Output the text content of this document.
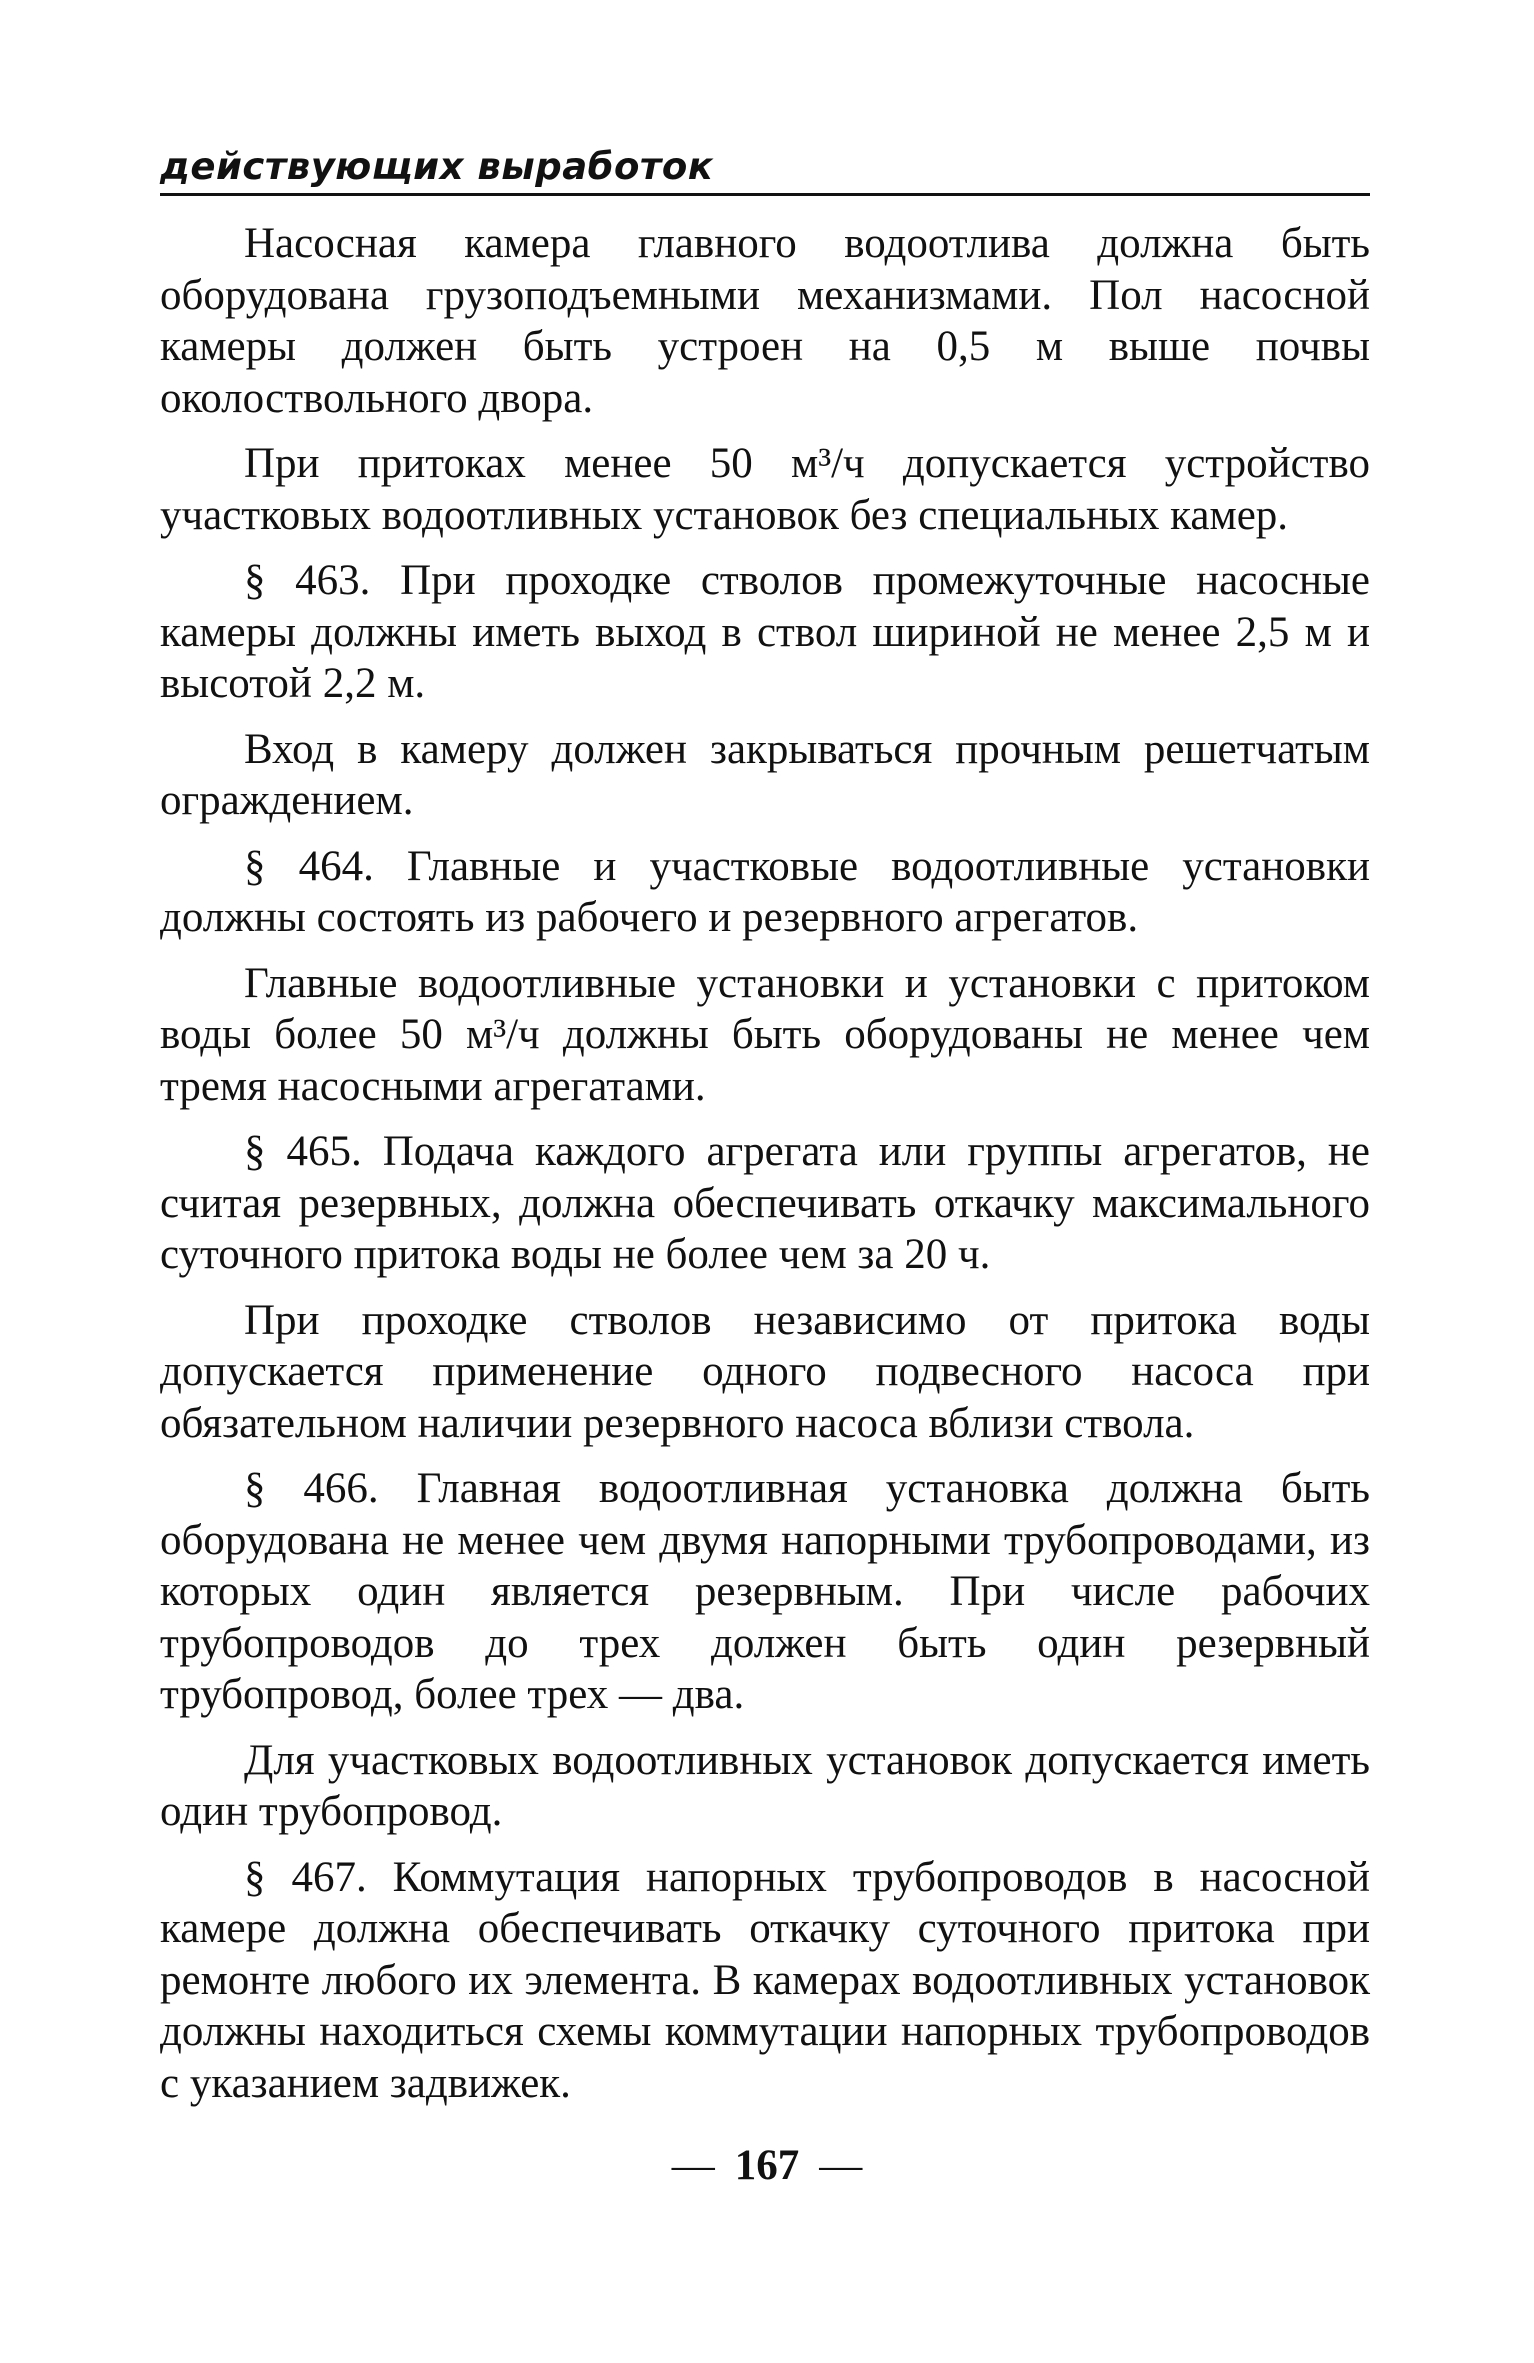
действующих выработок

Насосная камера главного водоотлива должна быть оборудована грузоподъемными механизмами. Пол насосной камеры должен быть устроен на 0,5 м выше почвы околоствольного двора.

При притоках менее 50 м³/ч допускается устройство участковых водоотливных установок без специальных камер.

§ 463. При проходке стволов промежуточные насосные камеры должны иметь выход в ствол шириной не менее 2,5 м и высотой 2,2 м.

Вход в камеру должен закрываться прочным решетчатым ограждением.

§ 464. Главные и участковые водоотливные установки должны состоять из рабочего и резервного агрегатов.

Главные водоотливные установки и установки с притоком воды более 50 м³/ч должны быть оборудованы не менее чем тремя насосными агрегатами.

§ 465. Подача каждого агрегата или группы агрегатов, не считая резервных, должна обеспечивать откачку максимального суточного притока воды не более чем за 20 ч.

При проходке стволов независимо от притока воды допускается применение одного подвесного насоса при обязательном наличии резервного насоса вблизи ствола.

§ 466. Главная водоотливная установка должна быть оборудована не менее чем двумя напорными трубопроводами, из которых один является резервным. При числе рабочих трубопроводов до трех должен быть один резервный трубопровод, более трех — два.

Для участковых водоотливных установок допускается иметь один трубопровод.

§ 467. Коммутация напорных трубопроводов в насосной камере должна обеспечивать откачку суточного притока при ремонте любого их элемента. В камерах водоотливных установок должны находиться схемы коммутации напорных трубопроводов с указанием задвижек.

— 167 —
